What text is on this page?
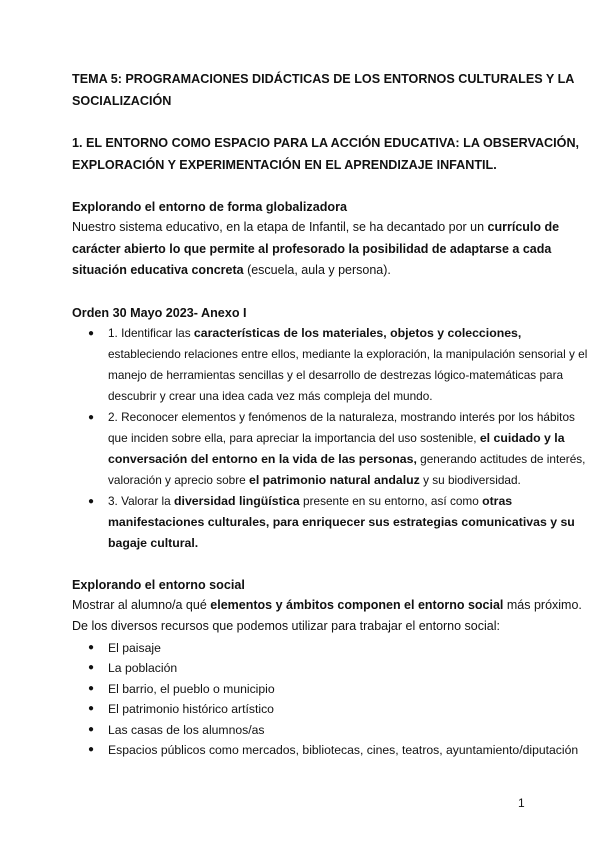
TEMA 5: PROGRAMACIONES DIDÁCTICAS DE LOS ENTORNOS CULTURALES Y LA SOCIALIZACIÓN

1. EL ENTORNO COMO ESPACIO PARA LA ACCIÓN EDUCATIVA: LA OBSERVACIÓN, EXPLORACIÓN Y EXPERIMENTACIÓN EN EL APRENDIZAJE INFANTIL.

Explorando el entorno de forma globalizadora

Nuestro sistema educativo, en la etapa de Infantil, se ha decantado por un currículo de carácter abierto lo que permite al profesorado la posibilidad de adaptarse a cada situación educativa concreta (escuela, aula y persona).

Orden 30 Mayo 2023- Anexo I

● 1. Identificar las características de los materiales, objetos y colecciones, estableciendo relaciones entre ellos, mediante la exploración, la manipulación sensorial y el manejo de herramientas sencillas y el desarrollo de destrezas lógico-matemáticas para descubrir y crear una idea cada vez más compleja del mundo.
● 2. Reconocer elementos y fenómenos de la naturaleza, mostrando interés por los hábitos que inciden sobre ella, para apreciar la importancia del uso sostenible, el cuidado y la conversación del entorno en la vida de las personas, generando actitudes de interés, valoración y aprecio sobre el patrimonio natural andaluz y su biodiversidad.
● 3. Valorar la diversidad lingüística presente en su entorno, así como otras manifestaciones culturales, para enriquecer sus estrategias comunicativas y su bagaje cultural.

Explorando el entorno social

Mostrar al alumno/a qué elementos y ámbitos componen el entorno social más próximo. De los diversos recursos que podemos utilizar para trabajar el entorno social:

● El paisaje
● La población
● El barrio, el pueblo o municipio
● El patrimonio histórico artístico
● Las casas de los alumnos/as
● Espacios públicos como mercados, bibliotecas, cines, teatros, ayuntamiento/diputación
1
